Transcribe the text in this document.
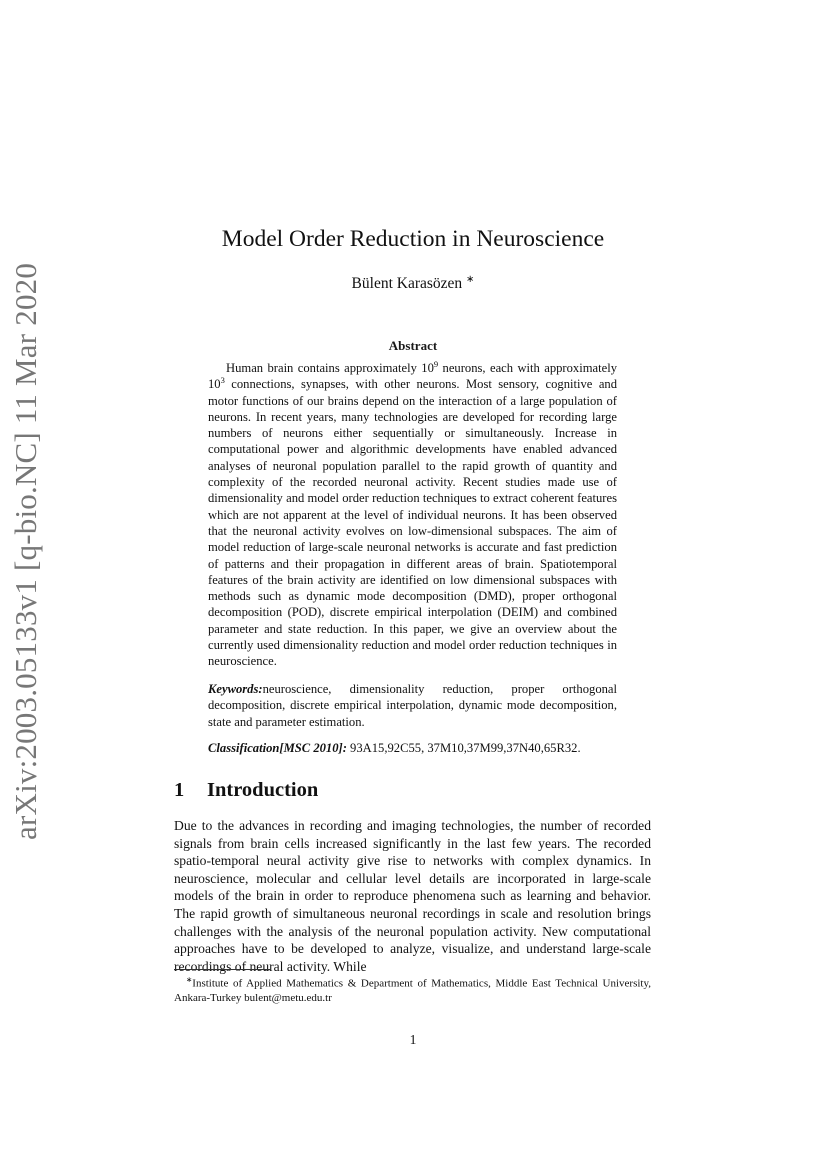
arXiv:2003.05133v1 [q-bio.NC] 11 Mar 2020
Model Order Reduction in Neuroscience
Bülent Karasözen ∗
Abstract
Human brain contains approximately $10^9$ neurons, each with approximately $10^3$ connections, synapses, with other neurons. Most sensory, cognitive and motor functions of our brains depend on the interaction of a large population of neurons. In recent years, many technologies are developed for recording large numbers of neurons either sequentially or simultaneously. Increase in computational power and algorithmic developments have enabled advanced analyses of neuronal population parallel to the rapid growth of quantity and complexity of the recorded neuronal activity. Recent studies made use of dimensionality and model order reduction techniques to extract coherent features which are not apparent at the level of individual neurons. It has been observed that the neuronal activity evolves on low-dimensional subspaces. The aim of model reduction of large-scale neuronal networks is accurate and fast prediction of patterns and their propagation in different areas of brain. Spatiotemporal features of the brain activity are identified on low dimensional subspaces with methods such as dynamic mode decomposition (DMD), proper orthogonal decomposition (POD), discrete empirical interpolation (DEIM) and combined parameter and state reduction. In this paper, we give an overview about the currently used dimensionality reduction and model order reduction techniques in neuroscience.
Keywords:neuroscience, dimensionality reduction, proper orthogonal decomposition, discrete empirical interpolation, dynamic mode decomposition, state and parameter estimation.
Classification[MSC 2010]: 93A15,92C55, 37M10,37M99,37N40,65R32.
1 Introduction
Due to the advances in recording and imaging technologies, the number of recorded signals from brain cells increased significantly in the last few years. The recorded spatio-temporal neural activity give rise to networks with complex dynamics. In neuroscience, molecular and cellular level details are incorporated in large-scale models of the brain in order to reproduce phenomena such as learning and behavior. The rapid growth of simultaneous neuronal recordings in scale and resolution brings challenges with the analysis of the neuronal population activity. New computational approaches have to be developed to analyze, visualize, and understand large-scale recordings of neural activity. While
∗Institute of Applied Mathematics & Department of Mathematics, Middle East Technical University, Ankara-Turkey bulent@metu.edu.tr
1
